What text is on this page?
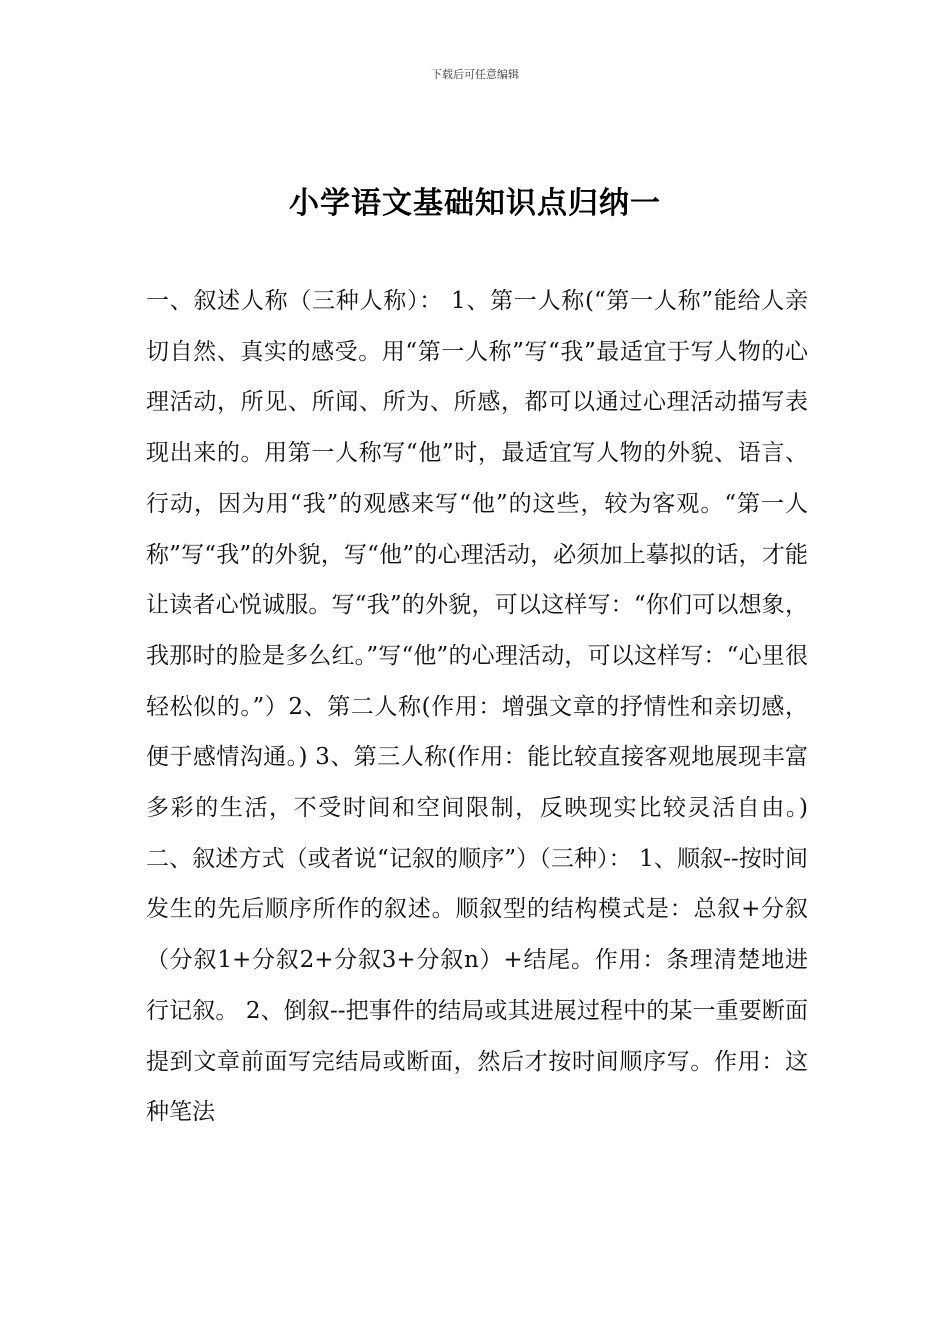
下载后可任意编辑
小学语文基础知识点归纳一

一、叙述人称（三种人称）： 1、第一人称(“第一人称”能给人亲切自然、真实的感受。用“第一人称”写“我”最适宜于写人物的心理活动，所见、所闻、所为、所感，都可以通过心理活动描写表现出来的。用第一人称写“他”时，最适宜写人物的外貌、语言、行动，因为用“我”的观感来写“他”的这些，较为客观。“第一人称”写“我”的外貌，写“他”的心理活动，必须加上摹拟的话，才能让读者心悦诚服。写“我”的外貌，可以这样写：“你们可以想象，我那时的脸是多么红。”写“他”的心理活动，可以这样写：“心里很轻松似的。”）2、第二人称(作用：增强文章的抒情性和亲切感，便于感情沟通。) 3、第三人称(作用：能比较直接客观地展现丰富多彩的生活，不受时间和空间限制，反映现实比较灵活自由。) 二、叙述方式（或者说“记叙的顺序”）（三种）： 1、顺叙--按时间发生的先后顺序所作的叙述。顺叙型的结构模式是：总叙+分叙（分叙1+分叙2+分叙3+分叙n）+结尾。作用：条理清楚地进行记叙。 2、倒叙--把事件的结局或其进展过程中的某一重要断面提到文章前面写完结局或断面，然后才按时间顺序写。作用：这种笔法
